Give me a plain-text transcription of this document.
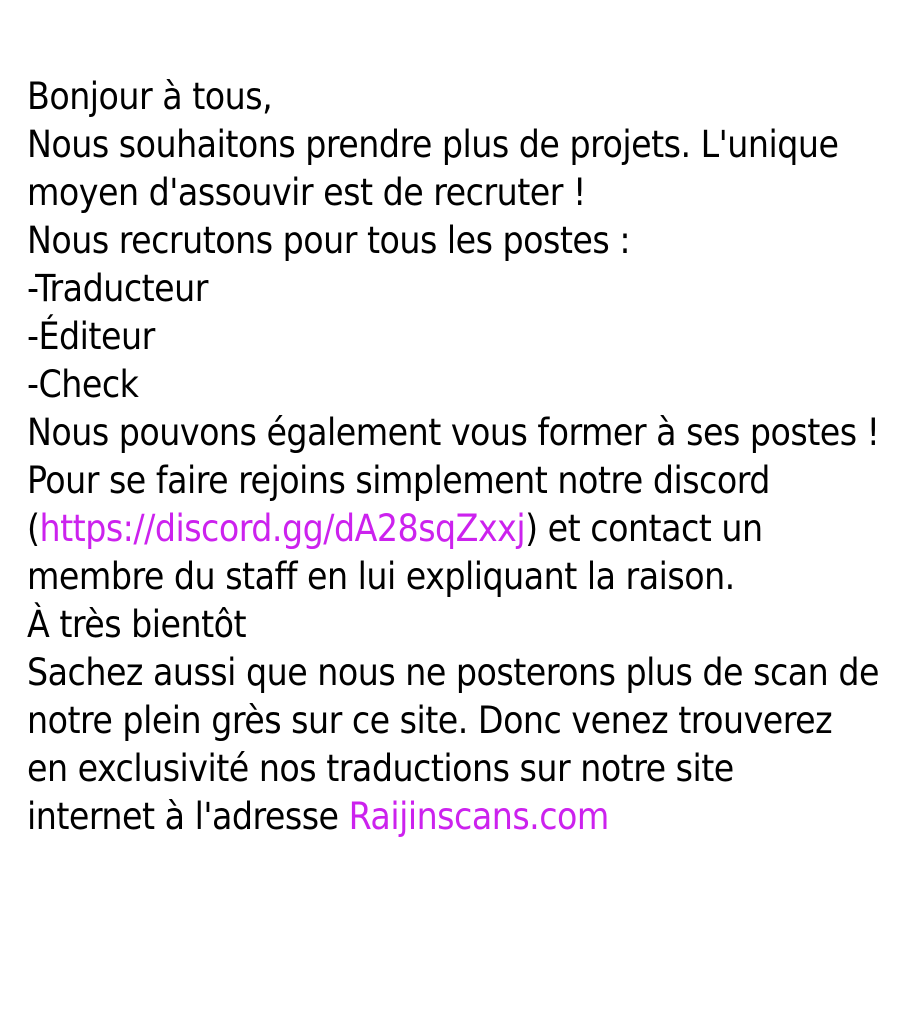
Bonjour à tous,
Nous souhaitons prendre plus de projets. L'unique
moyen d'assouvir est de recruter !
Nous recrutons pour tous les postes :
-Traducteur
-Éditeur
-Check
Nous pouvons également vous former à ses postes !
Pour se faire rejoins simplement notre discord
(https://discord.gg/dA28sqZxxj) et contact un
membre du staff en lui expliquant la raison.
À très bientôt
Sachez aussi que nous ne posterons plus de scan de
notre plein grès sur ce site. Donc venez trouverez
en exclusivité nos traductions sur notre site
internet à l'adresse Raijinscans.com
